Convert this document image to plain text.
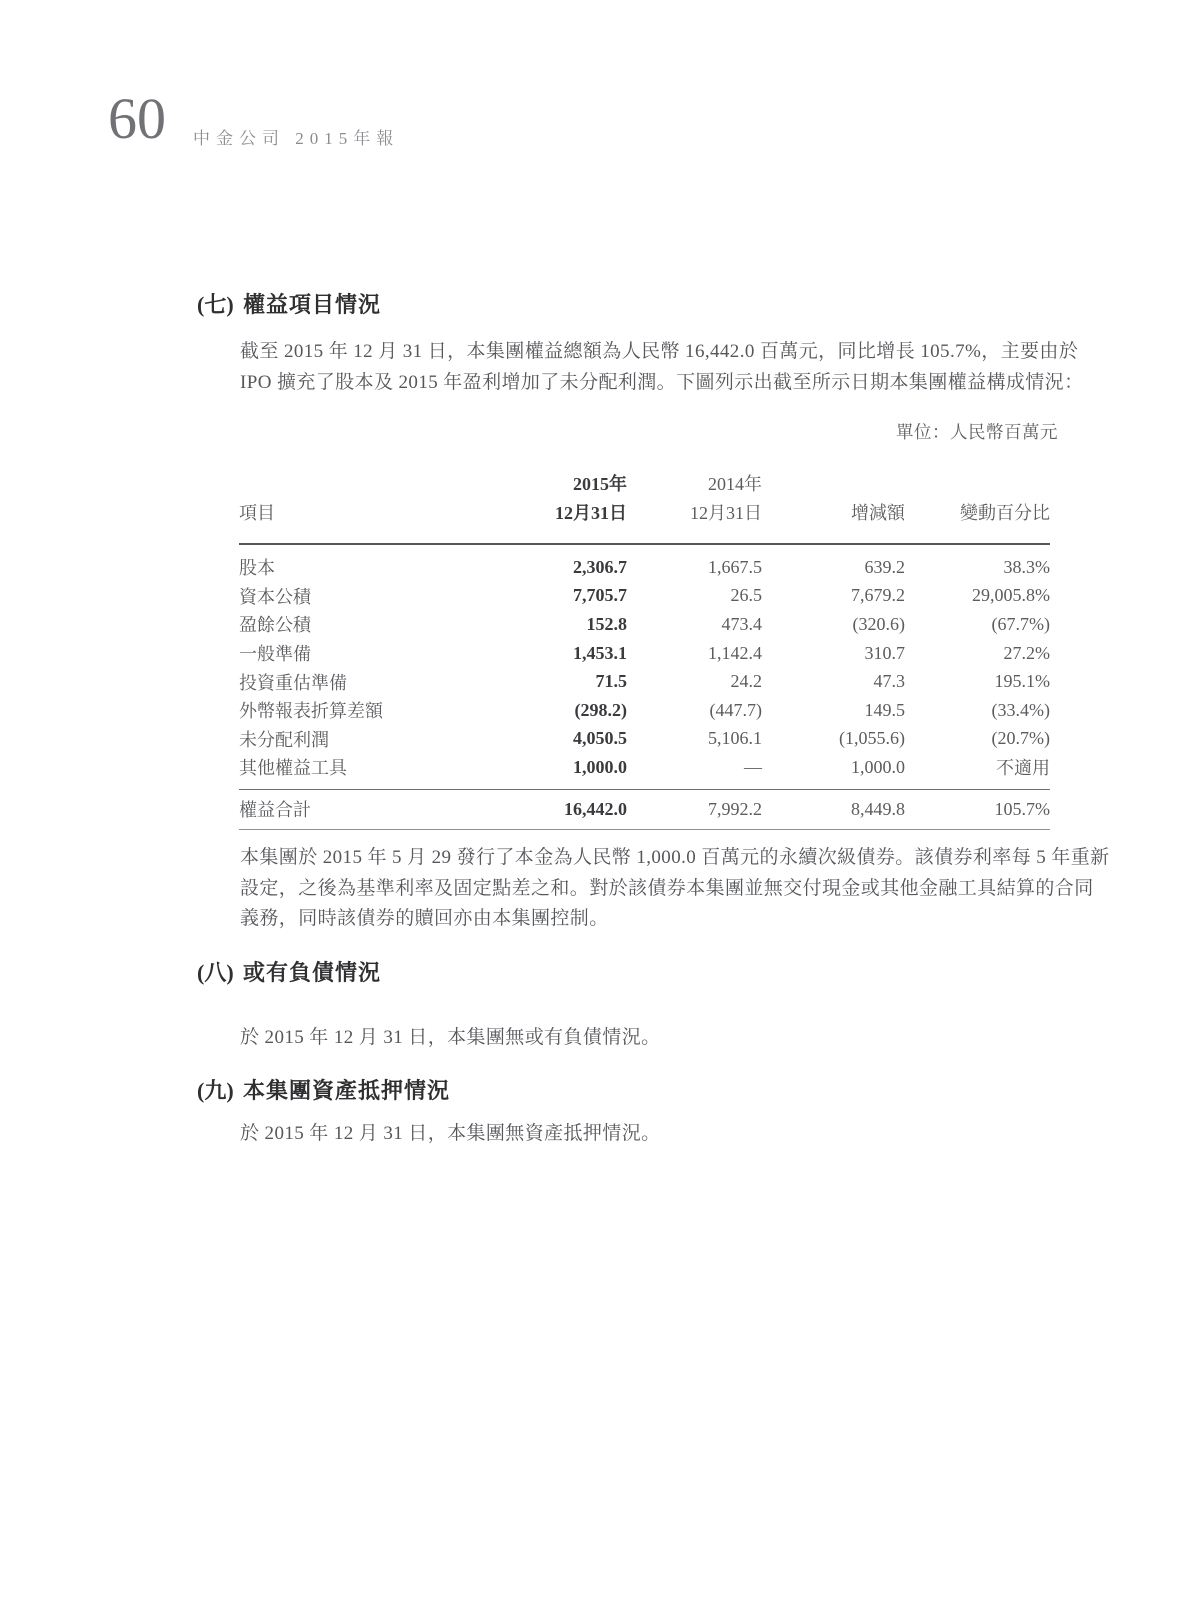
60 中金公司 2015年報
(七) 權益項目情況
截至 2015 年 12 月 31 日，本集團權益總額為人民幣 16,442.0 百萬元，同比增長 105.7%，主要由於
IPO 擴充了股本及 2015 年盈利增加了未分配利潤。下圖列示出截至所示日期本集團權益構成情況：
單位：人民幣百萬元
2015年	2014年
項目	12月31日	12月31日	增減額	變動百分比
股本	2,306.7	1,667.5	639.2	38.3%
資本公積	7,705.7	26.5	7,679.2	29,005.8%
盈餘公積	152.8	473.4	(320.6)	(67.7%)
一般準備	1,453.1	1,142.4	310.7	27.2%
投資重估準備	71.5	24.2	47.3	195.1%
外幣報表折算差額	(298.2)	(447.7)	149.5	(33.4%)
未分配利潤	4,050.5	5,106.1	(1,055.6)	(20.7%)
其他權益工具	1,000.0	—	1,000.0	不適用
權益合計	16,442.0	7,992.2	8,449.8	105.7%
本集團於 2015 年 5 月 29 發行了本金為人民幣 1,000.0 百萬元的永續次級債券。該債券利率每 5 年重新
設定，之後為基準利率及固定點差之和。對於該債券本集團並無交付現金或其他金融工具結算的合同
義務，同時該債券的贖回亦由本集團控制。
(八) 或有負債情況
於 2015 年 12 月 31 日，本集團無或有負債情況。
(九) 本集團資產抵押情況
於 2015 年 12 月 31 日，本集團無資產抵押情況。
